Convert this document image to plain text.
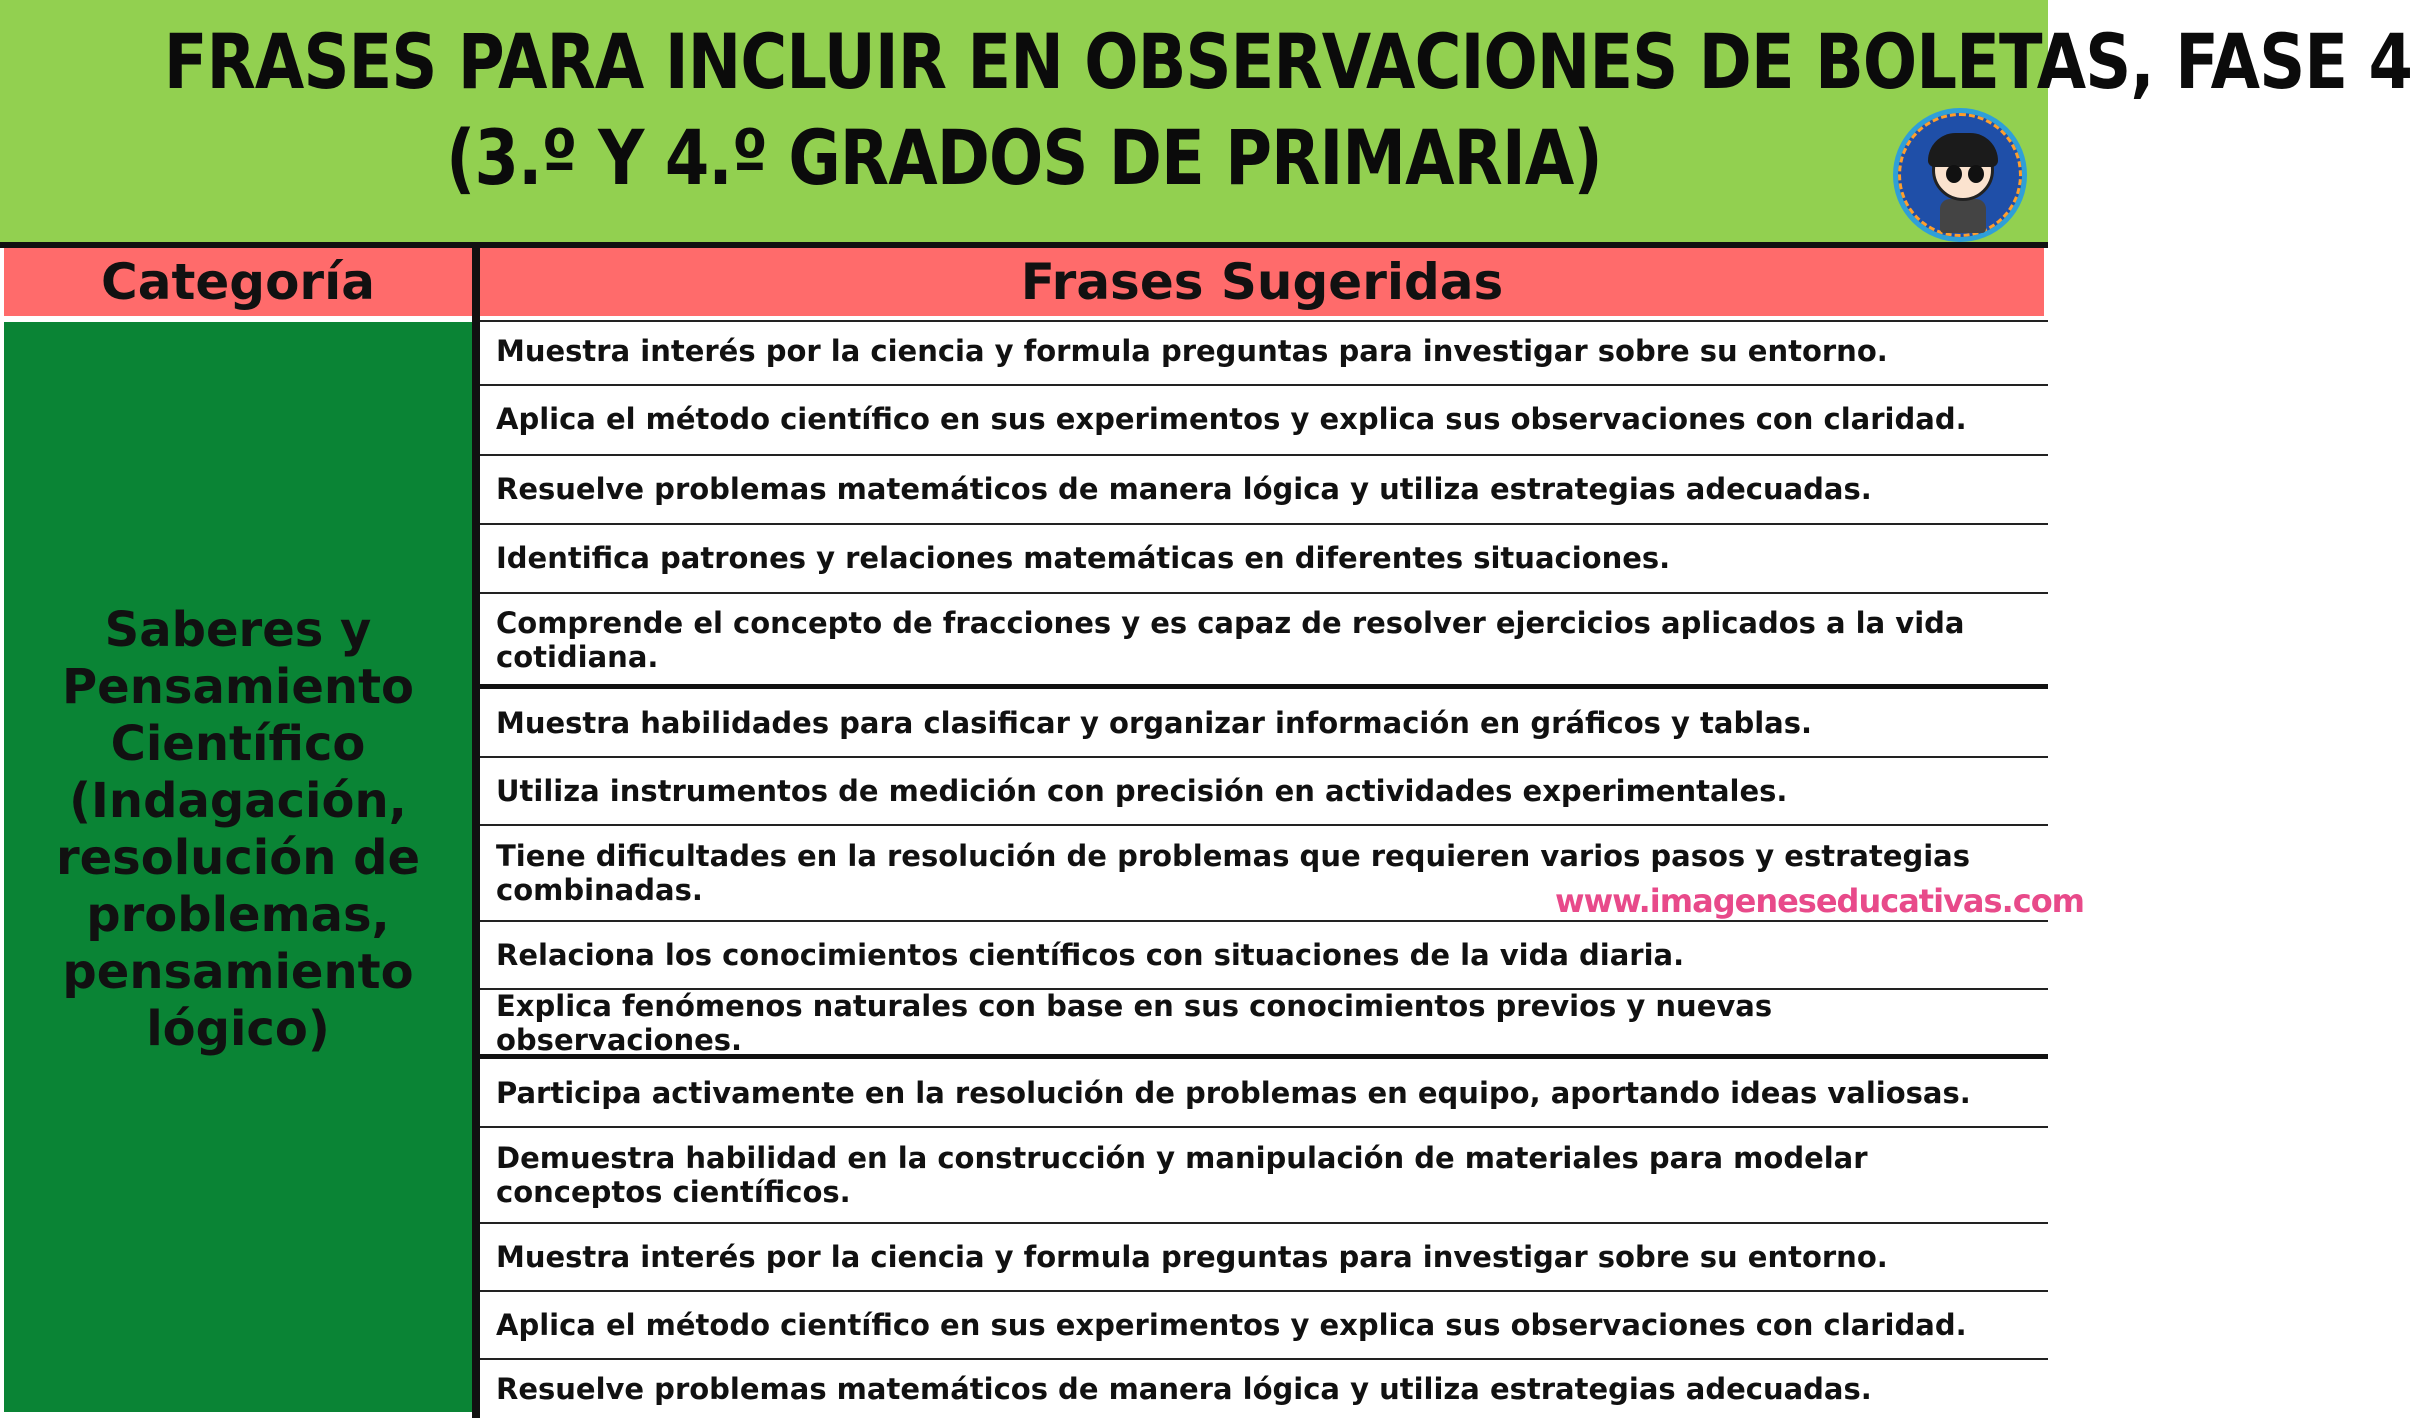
FRASES PARA INCLUIR EN OBSERVACIONES DE BOLETAS, FASE 4
(3.º Y 4.º GRADOS DE PRIMARIA)
Categoría	Frases Sugeridas
Saberes y Pensamiento Científico (Indagación, resolución de problemas, pensamiento lógico)
Muestra interés por la ciencia y formula preguntas para investigar sobre su entorno.
Aplica el método científico en sus experimentos y explica sus observaciones con claridad.
Resuelve problemas matemáticos de manera lógica y utiliza estrategias adecuadas.
Identifica patrones y relaciones matemáticas en diferentes situaciones.
Comprende el concepto de fracciones y es capaz de resolver ejercicios aplicados a la vida cotidiana.
Muestra habilidades para clasificar y organizar información en gráficos y tablas.
Utiliza instrumentos de medición con precisión en actividades experimentales.
Tiene dificultades en la resolución de problemas que requieren varios pasos y estrategias combinadas.
Relaciona los conocimientos científicos con situaciones de la vida diaria.
Explica fenómenos naturales con base en sus conocimientos previos y nuevas observaciones.
Participa activamente en la resolución de problemas en equipo, aportando ideas valiosas.
Demuestra habilidad en la construcción y manipulación de materiales para modelar conceptos científicos.
Muestra interés por la ciencia y formula preguntas para investigar sobre su entorno.
Aplica el método científico en sus experimentos y explica sus observaciones con claridad.
Resuelve problemas matemáticos de manera lógica y utiliza estrategias adecuadas.
www.imageneseducativas.com
